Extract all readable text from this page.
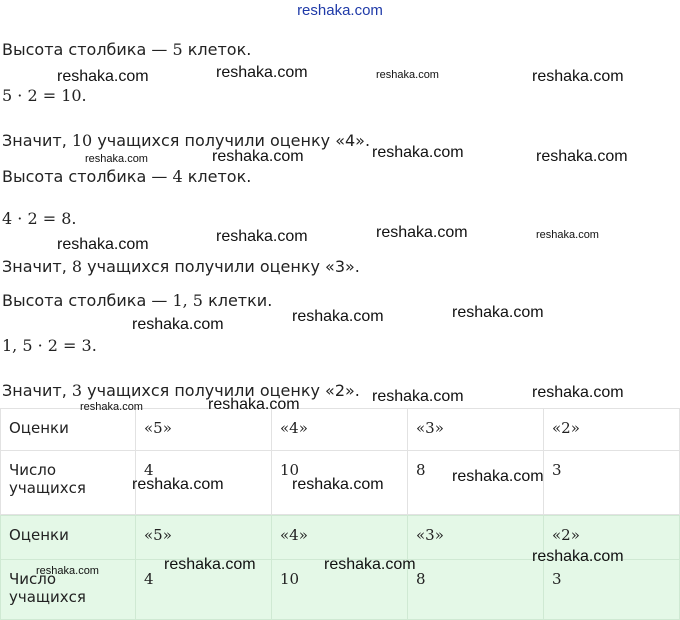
reshaka.com
Высота столбика — 5 клеток.
5 · 2 = 10.
Значит, 10 учащихся получили оценку «4».
Высота столбика — 4 клеток.
4 · 2 = 8.
Значит, 8 учащихся получили оценку «3».
Высота столбика — 1, 5 клетки.
1, 5 · 2 = 3.
Значит, 3 учащихся получили оценку «2».
Оценки	«5»	«4»	«3»	«2»
Число учащихся	4	10	8	3
Оценки	«5»	«4»	«3»	«2»
Число учащихся	4	10	8	3
reshaka.com	reshaka.com	reshaka.com	reshaka.com
reshaka.com	reshaka.com	reshaka.com	reshaka.com
reshaka.com	reshaka.com	reshaka.com	reshaka.com
reshaka.com	reshaka.com	reshaka.com
reshaka.com	reshaka.com	reshaka.com	reshaka.com
reshaka.com	reshaka.com	reshaka.com
reshaka.com	reshaka.com	reshaka.com	reshaka.com
